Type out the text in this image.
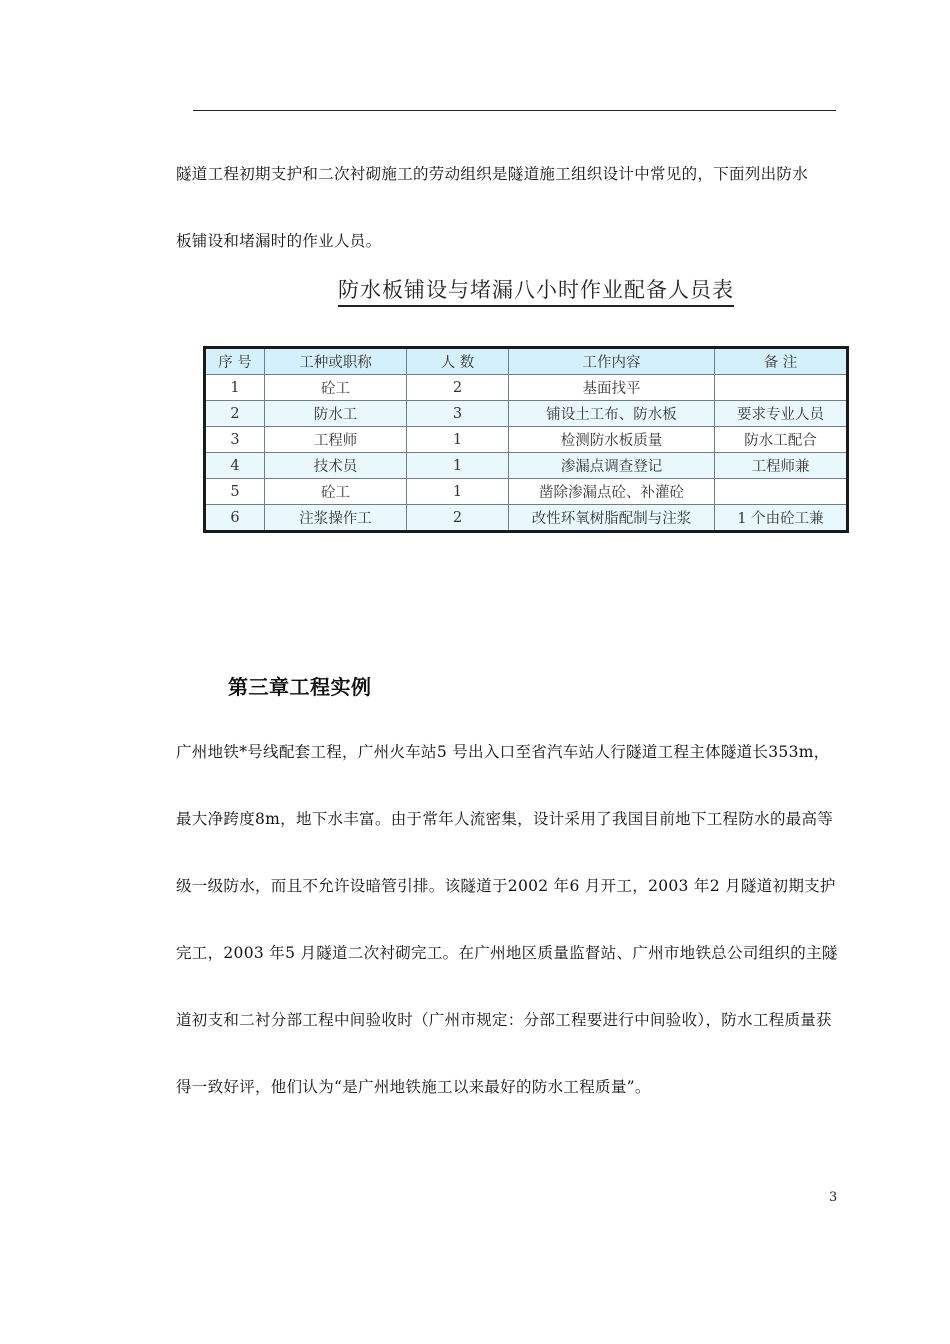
隧道工程初期支护和二次衬砌施工的劳动组织是隧道施工组织设计中常见的，下面列出防水
板铺设和堵漏时的作业人员。
防水板铺设与堵漏八小时作业配备人员表
序 号	工种或职称	人 数	工作内容	备 注
1	砼工	2	基面找平	
2	防水工	3	铺设土工布、防水板	要求专业人员
3	工程师	1	检测防水板质量	防水工配合
4	技术员	1	渗漏点调查登记	工程师兼
5	砼工	1	凿除渗漏点砼、补灌砼	
6	注浆操作工	2	改性环氧树脂配制与注浆	1 个由砼工兼
第三章工程实例
广州地铁*号线配套工程，广州火车站5 号出入口至省汽车站人行隧道工程主体隧道长353m，
最大净跨度8m，地下水丰富。由于常年人流密集，设计采用了我国目前地下工程防水的最高等
级一级防水，而且不允许设暗管引排。该隧道于2002 年6 月开工，2003 年2 月隧道初期支护
完工，2003 年5 月隧道二次衬砌完工。在广州地区质量监督站、广州市地铁总公司组织的主隧
道初支和二衬分部工程中间验收时（广州市规定：分部工程要进行中间验收），防水工程质量获
得一致好评，他们认为“是广州地铁施工以来最好的防水工程质量”。
3
